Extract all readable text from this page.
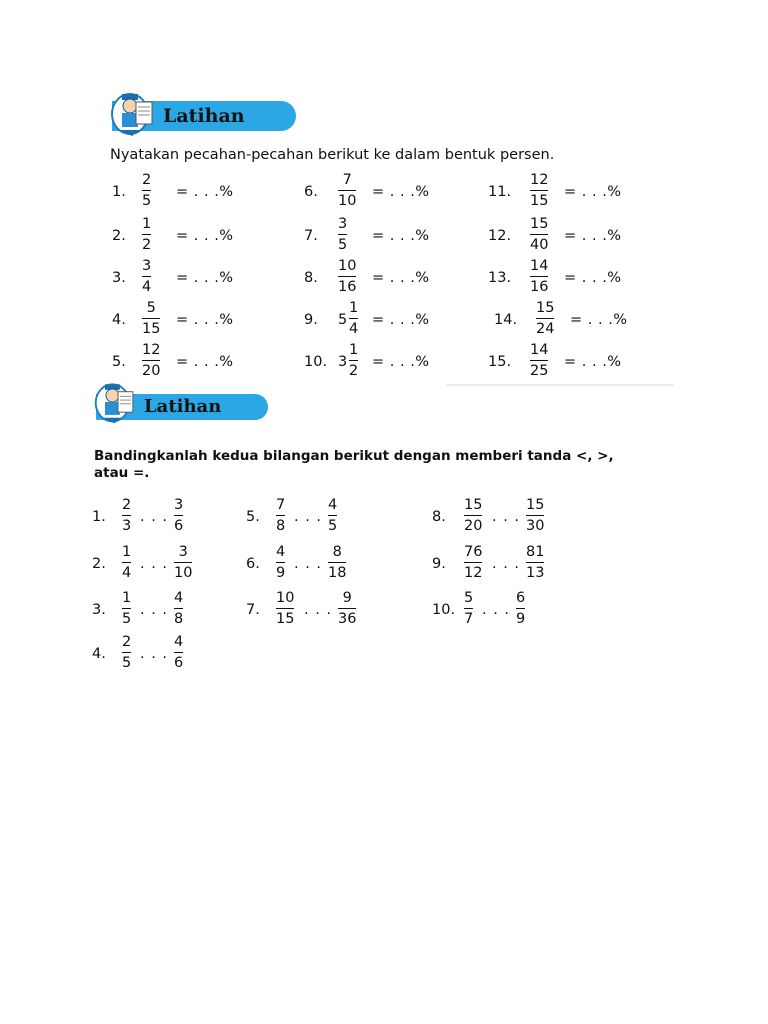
Latihan
Nyatakan pecahan-pecahan berikut ke dalam bentuk persen.
1.
2
5
= . . .%
2.
1
2
= . . .%
3.
3
4
= . . .%
4.
5
15
= . . .%
5.
12
20
= . . .%
6.
7
10
= . . .%
7.
3
5
= . . .%
8.
10
16
= . . .%
9. 5
1
4
= . . .%
10. 3
1
2
= . . .%
11.
12
15
= . . .%
12.
15
40
= . . .%
13.
14
16
= . . .%
14.
15
24
= . . .%
15.
14
25
= . . .%
Latihan
Bandingkanlah kedua bilangan berikut dengan memberi tanda <, >,
atau =.
1.
2
3
. . .
3
6
2.
1
4
. . .
3
10
3.
1
5
. . .
4
8
4.
2
5
. . .
4
6
5.
7
8
. . .
4
5
6.
4
9
. . .
8
18
7.
10
15
. . .
9
36
8.
15
20
. . .
15
30
9.
76
12
. . .
81
13
10.
5
7
. . .
6
9
